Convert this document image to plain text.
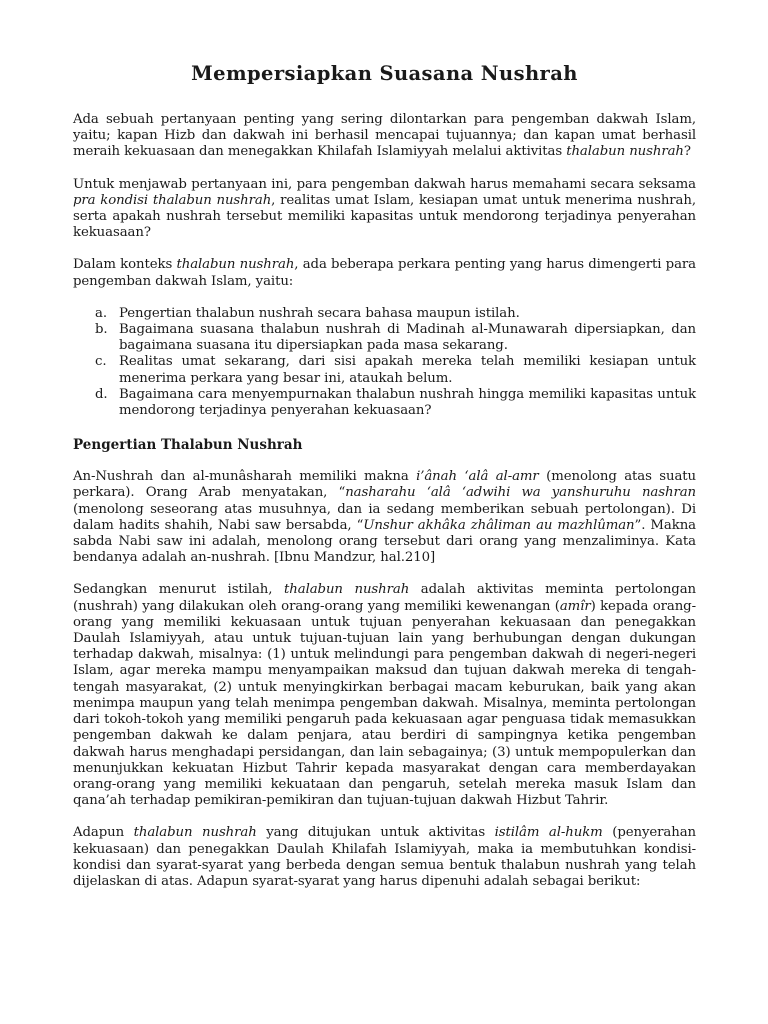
Mempersiapkan Suasana Nushrah

Ada sebuah pertanyaan penting yang sering dilontarkan para pengemban dakwah Islam, yaitu; kapan Hizb dan dakwah ini berhasil mencapai tujuannya; dan kapan umat berhasil meraih kekuasaan dan menegakkan Khilafah Islamiyyah melalui aktivitas thalabun nushrah?

Untuk menjawab pertanyaan ini, para pengemban dakwah harus memahami secara seksama pra kondisi thalabun nushrah, realitas umat Islam, kesiapan umat untuk menerima nushrah, serta apakah nushrah tersebut memiliki kapasitas untuk mendorong terjadinya penyerahan kekuasaan?

Dalam konteks thalabun nushrah, ada beberapa perkara penting yang harus dimengerti para pengemban dakwah Islam, yaitu:

a. Pengertian thalabun nushrah secara bahasa maupun istilah.
b. Bagaimana suasana thalabun nushrah di Madinah al-Munawarah dipersiapkan, dan bagaimana suasana itu dipersiapkan pada masa sekarang.
c. Realitas umat sekarang, dari sisi apakah mereka telah memiliki kesiapan untuk menerima perkara yang besar ini, ataukah belum.
d. Bagaimana cara menyempurnakan thalabun nushrah hingga memiliki kapasitas untuk mendorong terjadinya penyerahan kekuasaan?
Pengertian Thalabun Nushrah

An-Nushrah dan al-munâsharah memiliki makna i’ânah ‘alâ al-amr (menolong atas suatu perkara). Orang Arab menyatakan, “nasharahu ‘alâ ‘adwihi wa yanshuruhu nashran (menolong seseorang atas musuhnya, dan ia sedang memberikan sebuah pertolongan). Di dalam hadits shahih, Nabi saw bersabda, “Unshur akhâka zhâliman au mazhlûman”. Makna sabda Nabi saw ini adalah, menolong orang tersebut dari orang yang menzaliminya. Kata bendanya adalah an-nushrah. [Ibnu Mandzur, hal.210]

Sedangkan menurut istilah, thalabun nushrah adalah aktivitas meminta pertolongan (nushrah) yang dilakukan oleh orang-orang yang memiliki kewenangan (amîr) kepada orang-orang yang memiliki kekuasaan untuk tujuan penyerahan kekuasaan dan penegakkan Daulah Islamiyyah, atau untuk tujuan-tujuan lain yang berhubungan dengan dukungan terhadap dakwah, misalnya: (1) untuk melindungi para pengemban dakwah di negeri-negeri Islam, agar mereka mampu menyampaikan maksud dan tujuan dakwah mereka di tengah-tengah masyarakat, (2) untuk menyingkirkan berbagai macam keburukan, baik yang akan menimpa maupun yang telah menimpa pengemban dakwah. Misalnya, meminta pertolongan dari tokoh-tokoh yang memiliki pengaruh pada kekuasaan agar penguasa tidak memasukkan pengemban dakwah ke dalam penjara, atau berdiri di sampingnya ketika pengemban dakwah harus menghadapi persidangan, dan lain sebagainya; (3) untuk mempopulerkan dan menunjukkan kekuatan Hizbut Tahrir kepada masyarakat dengan cara memberdayakan orang-orang yang memiliki kekuataan dan pengaruh, setelah mereka masuk Islam dan qana’ah terhadap pemikiran-pemikiran dan tujuan-tujuan dakwah Hizbut Tahrir.

Adapun thalabun nushrah yang ditujukan untuk aktivitas istilâm al-hukm (penyerahan kekuasaan) dan penegakkan Daulah Khilafah Islamiyyah, maka ia membutuhkan kondisi-kondisi dan syarat-syarat yang berbeda dengan semua bentuk thalabun nushrah yang telah dijelaskan di atas. Adapun syarat-syarat yang harus dipenuhi adalah sebagai berikut:
